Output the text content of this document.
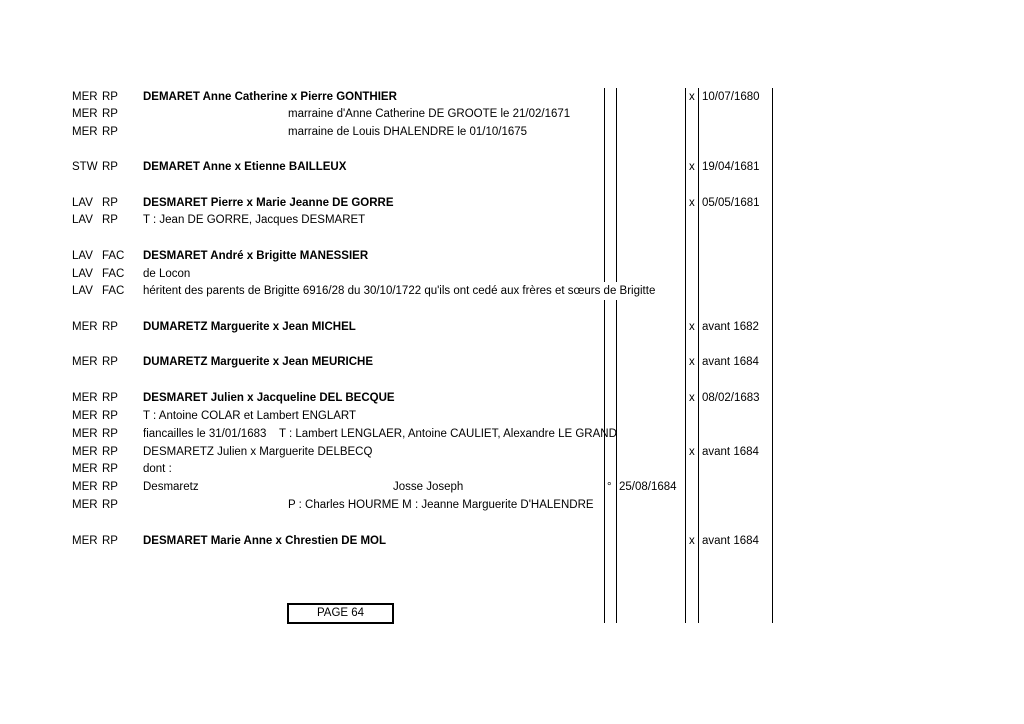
MER RP DEMARET Anne Catherine x Pierre GONTHIER	x 10/07/1680
MER RP	marraine d'Anne Catherine DE GROOTE le 21/02/1671
MER RP	marraine de Louis DHALENDRE le 01/10/1675
STW RP DEMARET Anne x Etienne BAILLEUX	x 19/04/1681
LAV RP DESMARET Pierre x Marie Jeanne DE GORRE	x 05/05/1681
LAV RP T : Jean DE GORRE, Jacques DESMARET
LAV FAC DESMARET André x Brigitte MANESSIER
LAV FAC de Locon
LAV FAC héritent des parents de Brigitte 6916/28 du 30/10/1722 qu'ils ont cedé aux frères et sœurs de Brigitte
MER RP DUMARETZ Marguerite x Jean MICHEL	x avant 1682
MER RP DUMARETZ Marguerite x Jean MEURICHE	x avant 1684
MER RP DESMARET Julien x Jacqueline DEL BECQUE	x 08/02/1683
MER RP T : Antoine COLAR et Lambert ENGLART
MER RP fiancailles le 31/01/1683    T : Lambert LENGLAER, Antoine CAULIET, Alexandre LE GRAND
MER RP DESMARETZ Julien x Marguerite DELBECQ	x avant 1684
MER RP dont :
MER RP Desmaretz	Josse Joseph	° 25/08/1684
MER RP	P : Charles HOURME M : Jeanne Marguerite D'HALENDRE
MER RP DESMARET Marie Anne x Chrestien DE MOL	x avant 1684
PAGE 64
